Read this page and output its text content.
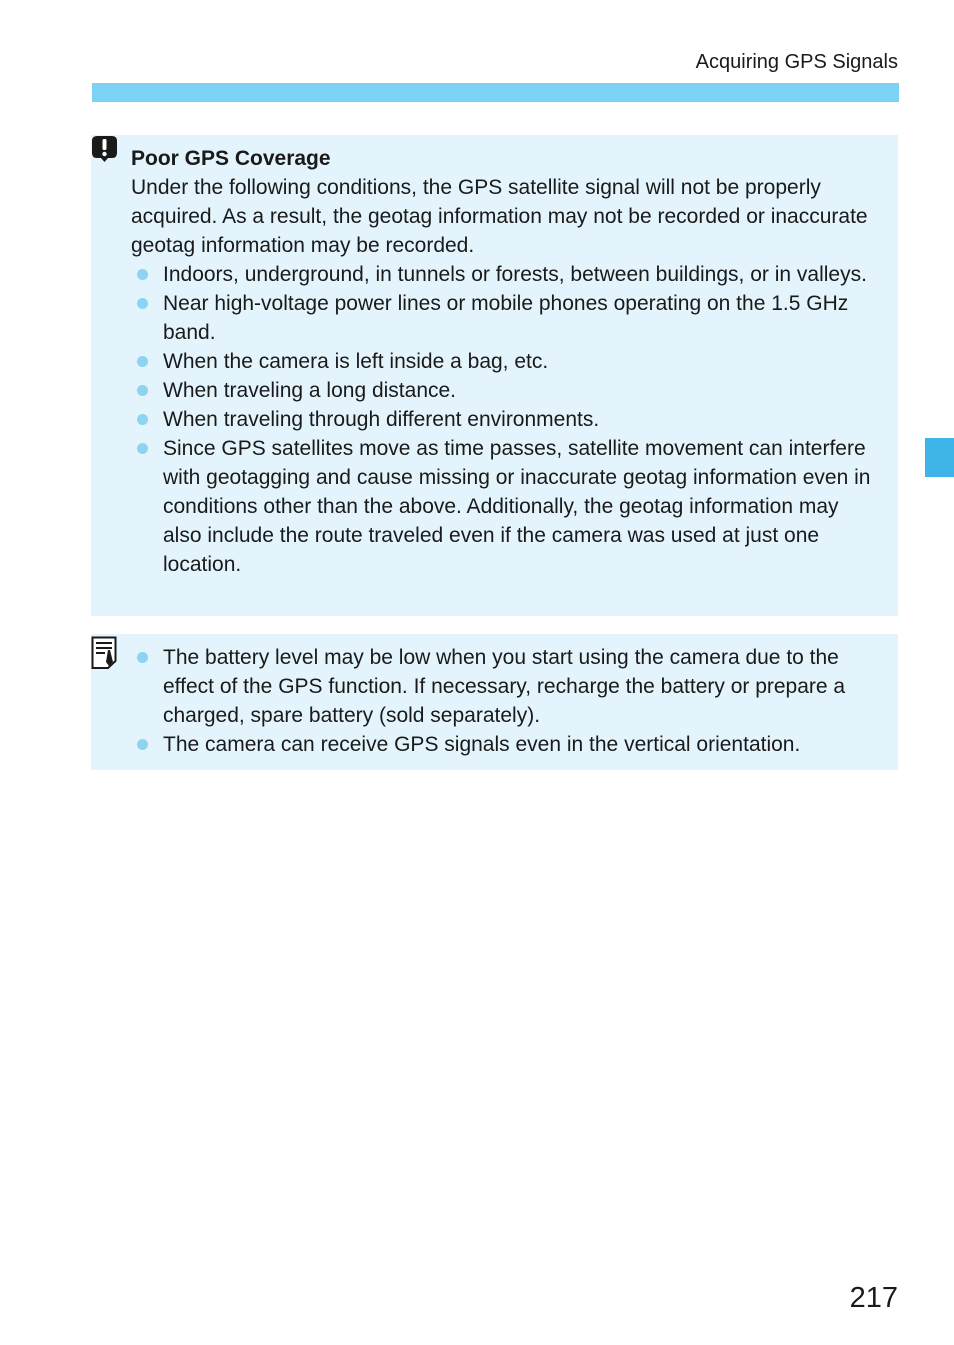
Acquiring GPS Signals

Poor GPS Coverage

Under the following conditions, the GPS satellite signal will not be properly acquired. As a result, the geotag information may not be recorded or inaccurate geotag information may be recorded.

Indoors, underground, in tunnels or forests, between buildings, or in valleys.
Near high-voltage power lines or mobile phones operating on the 1.5 GHz band.
When the camera is left inside a bag, etc.
When traveling a long distance.
When traveling through different environments.
Since GPS satellites move as time passes, satellite movement can interfere with geotagging and cause missing or inaccurate geotag information even in conditions other than the above. Additionally, the geotag information may also include the route traveled even if the camera was used at just one location.
The battery level may be low when you start using the camera due to the effect of the GPS function. If necessary, recharge the battery or prepare a charged, spare battery (sold separately).
The camera can receive GPS signals even in the vertical orientation.
217
